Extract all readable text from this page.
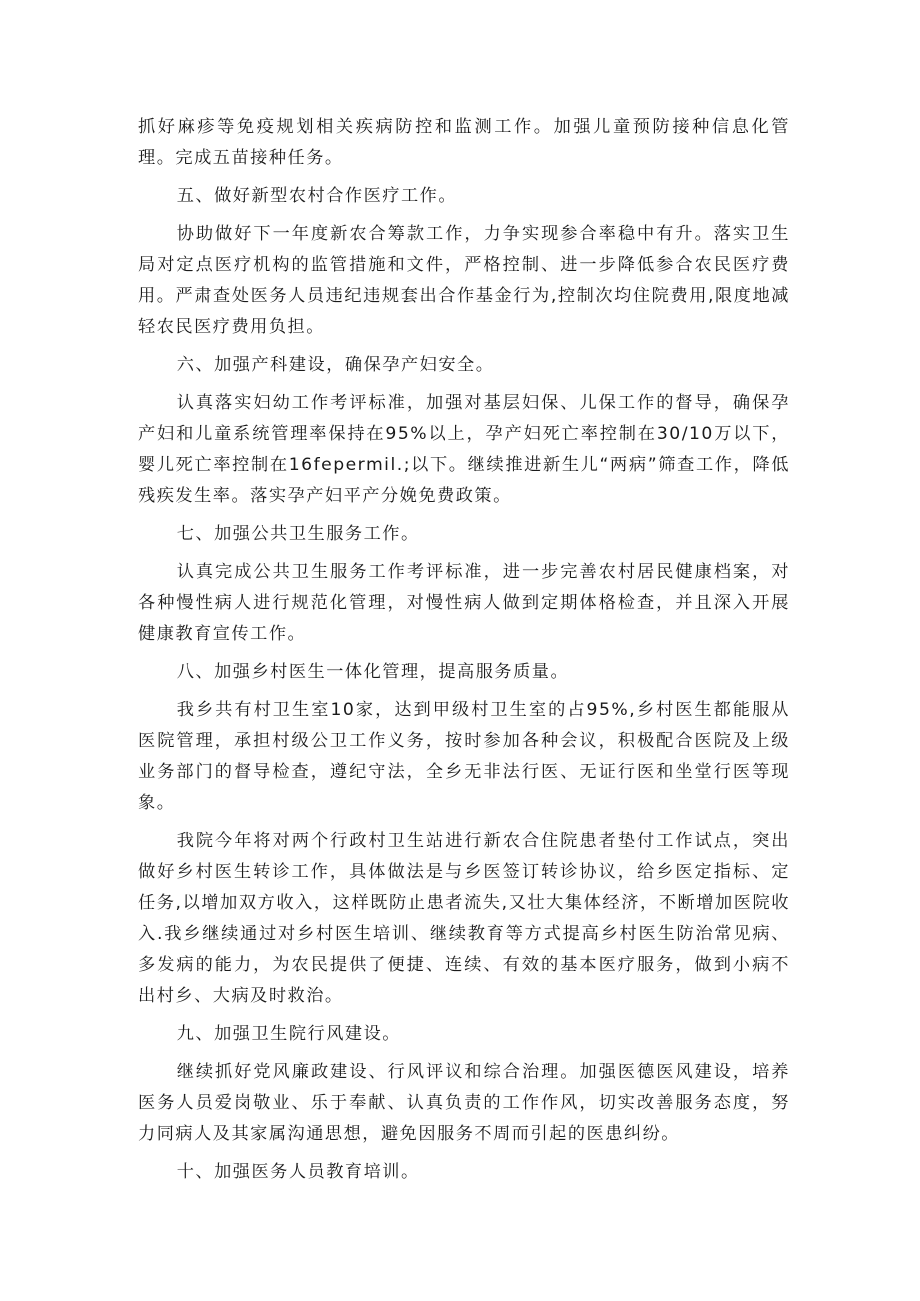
抓好麻疹等免疫规划相关疾病防控和监测工作。加强儿童预防接种信息化管理。完成五苗接种任务。

五、做好新型农村合作医疗工作。

协助做好下一年度新农合筹款工作，力争实现参合率稳中有升。落实卫生局对定点医疗机构的监管措施和文件，严格控制、进一步降低参合农民医疗费用。严肃查处医务人员违纪违规套出合作基金行为,控制次均住院费用,限度地减轻农民医疗费用负担。

六、加强产科建设，确保孕产妇安全。

认真落实妇幼工作考评标准，加强对基层妇保、儿保工作的督导，确保孕产妇和儿童系统管理率保持在95%以上，孕产妇死亡率控制在30/10万以下，婴儿死亡率控制在16fepermil.;以下。继续推进新生儿“两病”筛查工作，降低残疾发生率。落实孕产妇平产分娩免费政策。

七、加强公共卫生服务工作。

认真完成公共卫生服务工作考评标准，进一步完善农村居民健康档案，对各种慢性病人进行规范化管理，对慢性病人做到定期体格检查，并且深入开展健康教育宣传工作。

八、加强乡村医生一体化管理，提高服务质量。

我乡共有村卫生室10家，达到甲级村卫生室的占95%,乡村医生都能服从医院管理，承担村级公卫工作义务，按时参加各种会议，积极配合医院及上级业务部门的督导检查，遵纪守法，全乡无非法行医、无证行医和坐堂行医等现象。

我院今年将对两个行政村卫生站进行新农合住院患者垫付工作试点，突出做好乡村医生转诊工作，具体做法是与乡医签订转诊协议，给乡医定指标、定任务,以增加双方收入，这样既防止患者流失,又壮大集体经济，不断增加医院收入.我乡继续通过对乡村医生培训、继续教育等方式提高乡村医生防治常见病、多发病的能力，为农民提供了便捷、连续、有效的基本医疗服务，做到小病不出村乡、大病及时救治。

九、加强卫生院行风建设。

继续抓好党风廉政建设、行风评议和综合治理。加强医德医风建设，培养医务人员爱岗敬业、乐于奉献、认真负责的工作作风，切实改善服务态度，努力同病人及其家属沟通思想，避免因服务不周而引起的医患纠纷。

十、加强医务人员教育培训。
